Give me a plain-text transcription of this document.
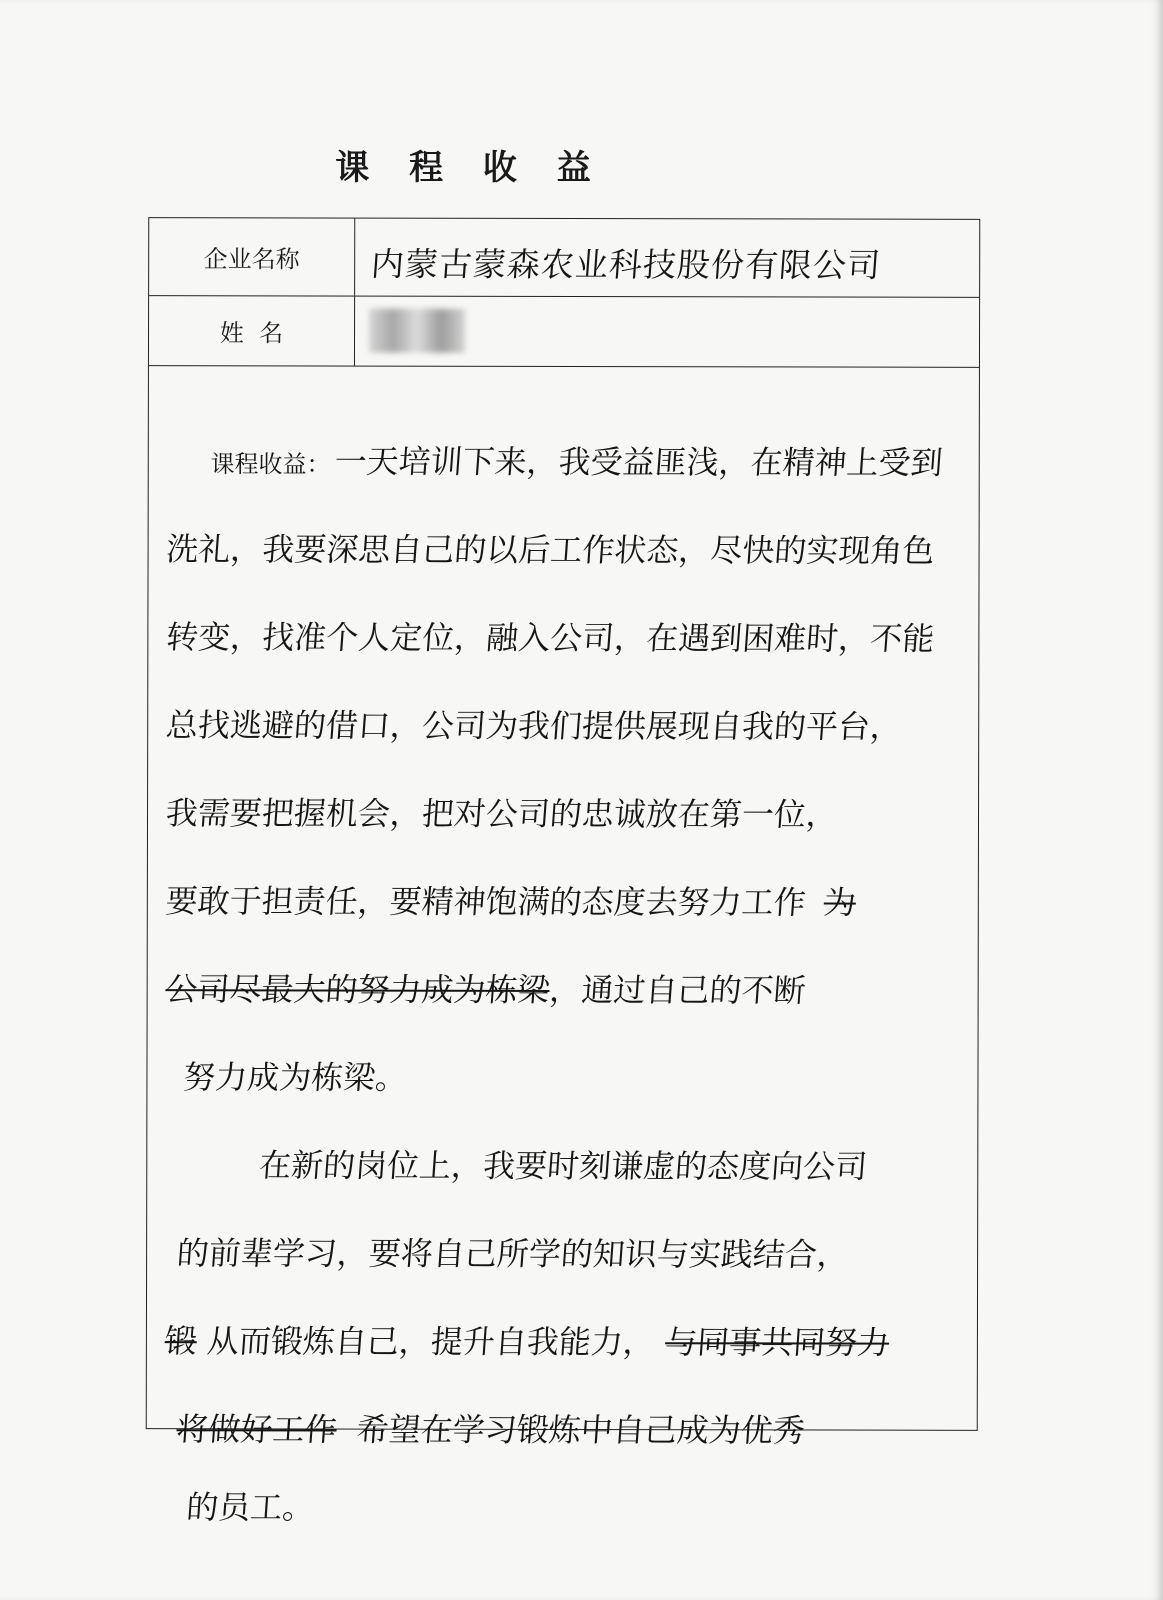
课 程 收 益
企业名称	内蒙古蒙森农业科技股份有限公司
姓  名
课程收益：一天培训下来，我受益匪浅，在精神上受到
洗礼，我要深思自己的以后工作状态，尽快的实现角色
转变，找准个人定位，融入公司，在遇到困难时，不能
总找逃避的借口，公司为我们提供展现自我的平台，
我需要把握机会，把对公司的忠诚放在第一位，
要敢于担责任，要精神饱满的态度去努力工作 为
公司尽最大的努力成为栋梁，通过自己的不断
努力成为栋梁。
在新的岗位上，我要时刻谦虚的态度向公司
的前辈学习，要将自己所学的知识与实践结合，
锻 从而锻炼自己，提升自我能力， 与同事共同努力
将做好工作 希望在学习锻炼中自己成为优秀
的员工。
